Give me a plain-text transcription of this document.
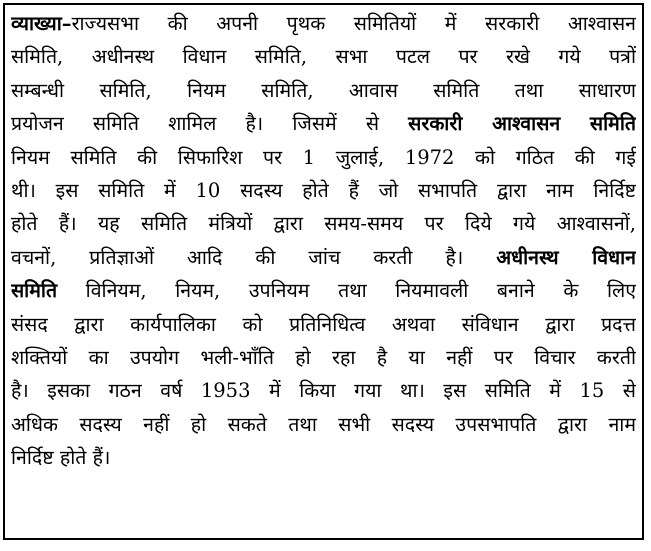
व्याख्या–राज्यसभा की अपनी पृथक समितियों में सरकारी आश्वासन
समिति, अधीनस्थ विधान समिति, सभा पटल पर रखे गये पत्रों
सम्बन्धी समिति, नियम समिति, आवास समिति तथा साधारण
प्रयोजन समिति शामिल है। जिसमें से सरकारी आश्वासन समिति
नियम समिति की सिफारिश पर 1 जुलाई, 1972 को गठित की गई
थी। इस समिति में 10 सदस्य होते हैं जो सभापति द्वारा नाम निर्दिष्ट
होते हैं। यह समिति मंत्रियों द्वारा समय-समय पर दिये गये आश्वासनों,
वचनों, प्रतिज्ञाओं आदि की जांच करती है। अधीनस्थ विधान
समिति विनियम, नियम, उपनियम तथा नियमावली बनाने के लिए
संसद द्वारा कार्यपालिका को प्रतिनिधित्व अथवा संविधान द्वारा प्रदत्त
शक्तियों का उपयोग भली-भाँति हो रहा है या नहीं पर विचार करती
है। इसका गठन वर्ष 1953 में किया गया था। इस समिति में 15 से
अधिक सदस्य नहीं हो सकते तथा सभी सदस्य उपसभापति द्वारा नाम
निर्दिष्ट होते हैं।
